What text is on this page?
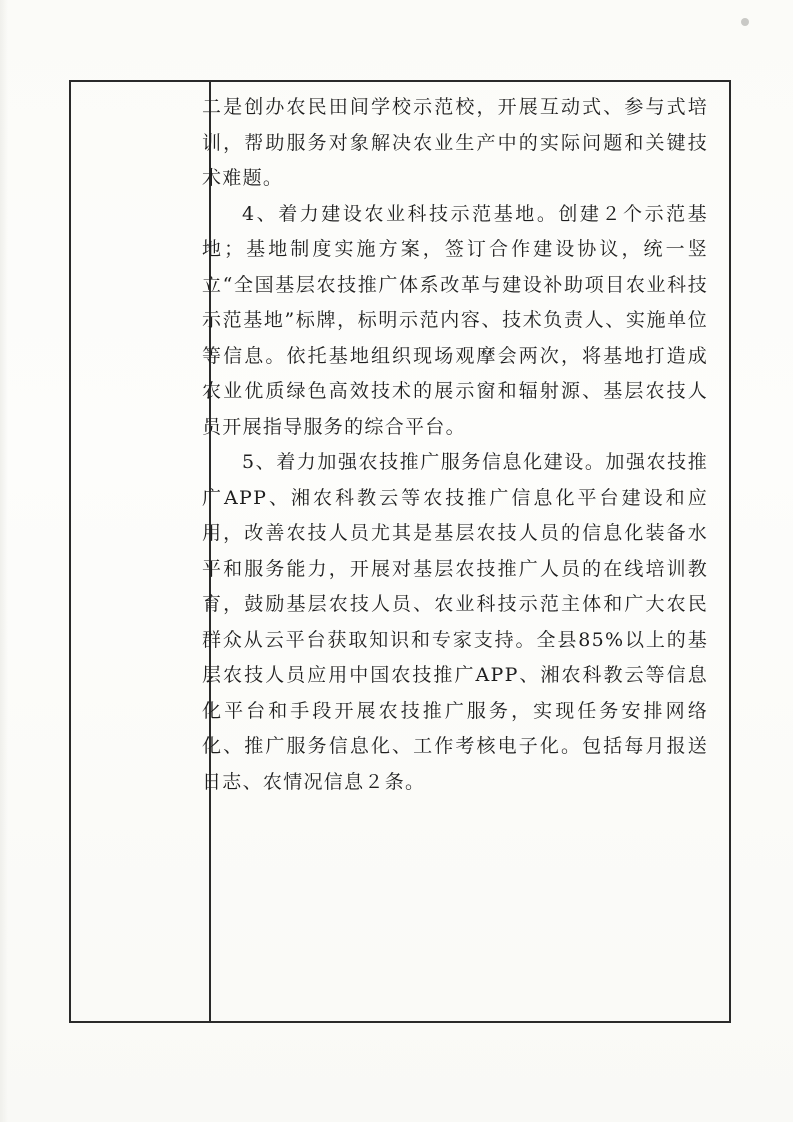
二是创办农民田间学校示范校，开展互动式、参与式培训，帮助服务对象解决农业生产中的实际问题和关键技术难题。

4、着力建设农业科技示范基地。创建２个示范基地；基地制度实施方案，签订合作建设协议，统一竖立“全国基层农技推广体系改革与建设补助项目农业科技示范基地”标牌，标明示范内容、技术负责人、实施单位等信息。依托基地组织现场观摩会两次，将基地打造成农业优质绿色高效技术的展示窗和辐射源、基层农技人员开展指导服务的综合平台。

5、着力加强农技推广服务信息化建设。加强农技推广APP、湘农科教云等农技推广信息化平台建设和应用，改善农技人员尤其是基层农技人员的信息化装备水平和服务能力，开展对基层农技推广人员的在线培训教育，鼓励基层农技人员、农业科技示范主体和广大农民群众从云平台获取知识和专家支持。全县85%以上的基层农技人员应用中国农技推广APP、湘农科教云等信息化平台和手段开展农技推广服务，实现任务安排网络化、推广服务信息化、工作考核电子化。包括每月报送日志、农情况信息２条。
